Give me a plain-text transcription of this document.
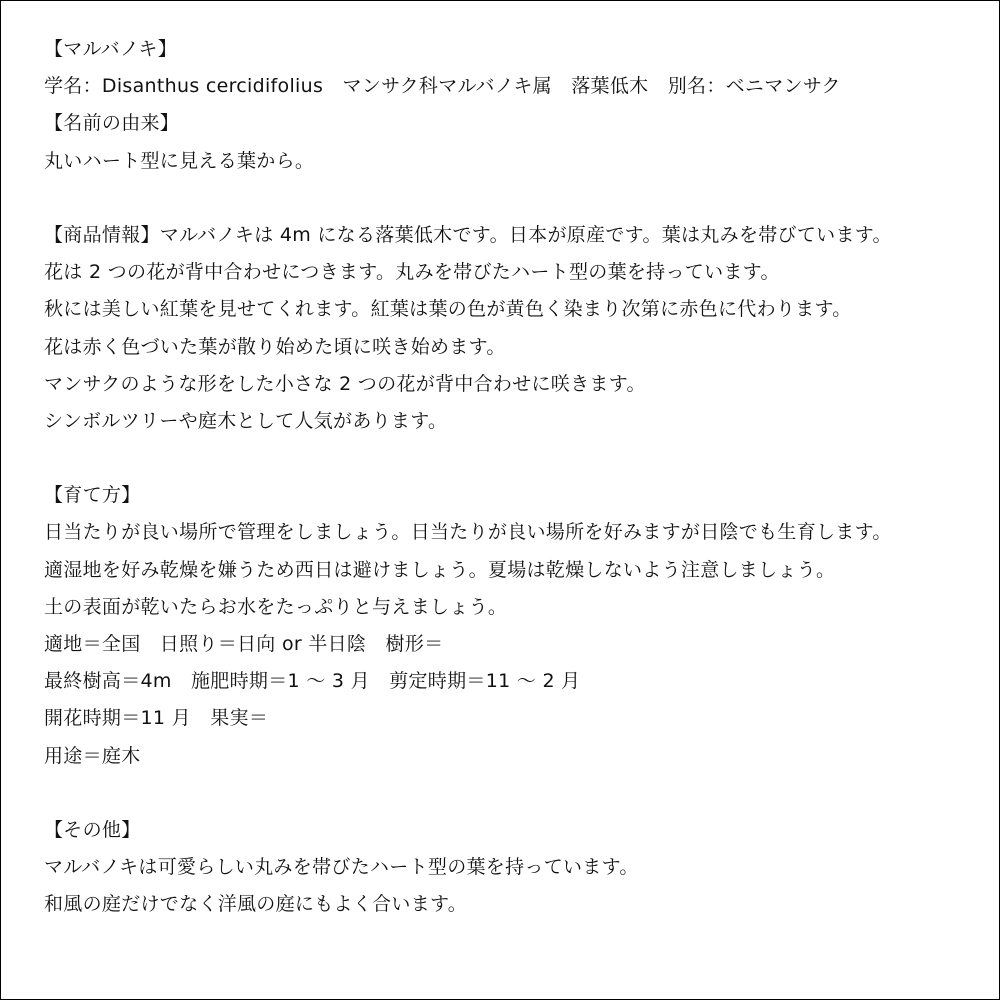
【マルバノキ】
学名：Disanthus cercidifolius　マンサク科マルバノキ属　落葉低木　別名：ベニマンサク
【名前の由来】
丸いハート型に見える葉から。
【商品情報】マルバノキは 4m になる落葉低木です。日本が原産です。葉は丸みを帯びています。
花は 2 つの花が背中合わせにつきます。丸みを帯びたハート型の葉を持っています。
秋には美しい紅葉を見せてくれます。紅葉は葉の色が黄色く染まり次第に赤色に代わります。
花は赤く色づいた葉が散り始めた頃に咲き始めます。
マンサクのような形をした小さな 2 つの花が背中合わせに咲きます。
シンボルツリーや庭木として人気があります。
【育て方】
日当たりが良い場所で管理をしましょう。日当たりが良い場所を好みますが日陰でも生育します。
適湿地を好み乾燥を嫌うため西日は避けましょう。夏場は乾燥しないよう注意しましょう。
土の表面が乾いたらお水をたっぷりと与えましょう。
適地＝全国　日照り＝日向 or 半日陰　樹形＝
最終樹高＝4m　施肥時期＝1 ～ 3 月　剪定時期＝11 ～ 2 月
開花時期＝11 月　果実＝
用途＝庭木
【その他】
マルバノキは可愛らしい丸みを帯びたハート型の葉を持っています。
和風の庭だけでなく洋風の庭にもよく合います。
